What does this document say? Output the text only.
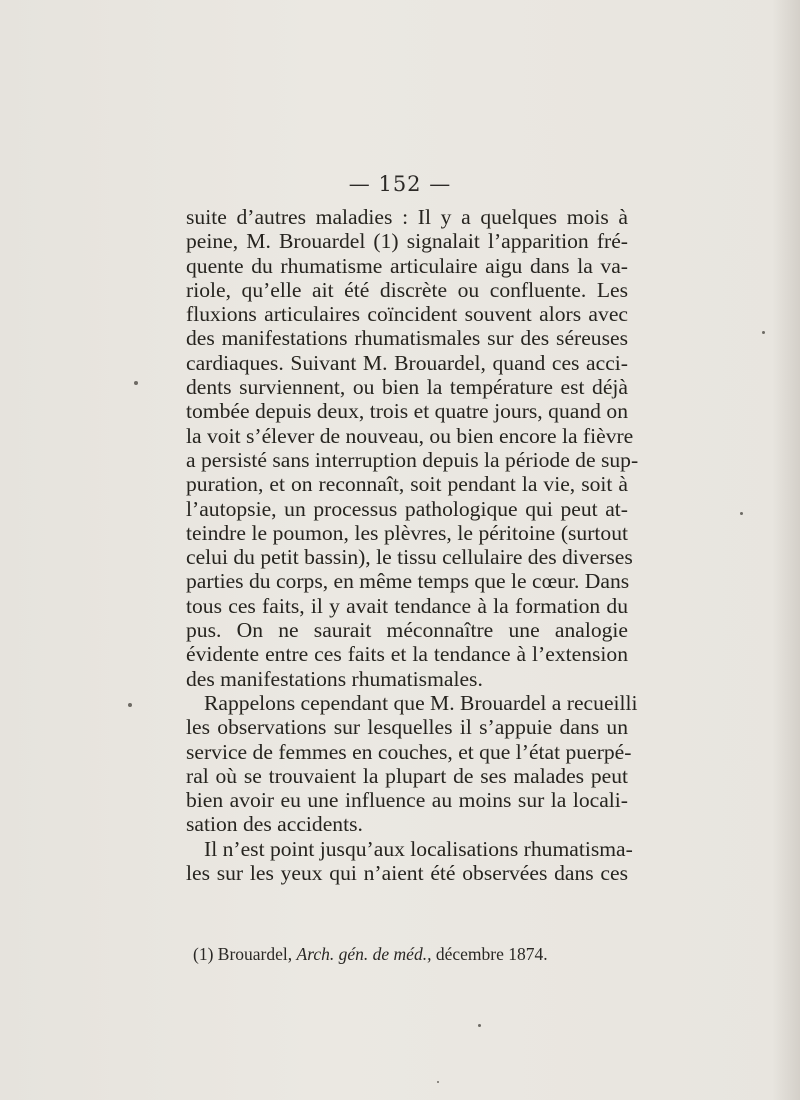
— 152 —
suite d’autres maladies : Il y a quelques mois à
peine, M. Brouardel (1) signalait l’apparition fré-
quente du rhumatisme articulaire aigu dans la va-
riole, qu’elle ait été discrète ou confluente. Les
fluxions articulaires coïncident souvent alors avec
des manifestations rhumatismales sur des séreuses
cardiaques. Suivant M. Brouardel, quand ces acci-
dents surviennent, ou bien la température est déjà
tombée depuis deux, trois et quatre jours, quand on
la voit s’élever de nouveau, ou bien encore la fièvre
a persisté sans interruption depuis la période de sup-
puration, et on reconnaît, soit pendant la vie, soit à
l’autopsie, un processus pathologique qui peut at-
teindre le poumon, les plèvres, le péritoine (surtout
celui du petit bassin), le tissu cellulaire des diverses
parties du corps, en même temps que le cœur. Dans
tous ces faits, il y avait tendance à la formation du
pus. On ne saurait méconnaître une analogie
évidente entre ces faits et la tendance à l’extension
des manifestations rhumatismales.
Rappelons cependant que M. Brouardel a recueilli
les observations sur lesquelles il s’appuie dans un
service de femmes en couches, et que l’état puerpé-
ral où se trouvaient la plupart de ses malades peut
bien avoir eu une influence au moins sur la locali-
sation des accidents.
Il n’est point jusqu’aux localisations rhumatisma-
les sur les yeux qui n’aient été observées dans ces
(1) Brouardel, Arch. gén. de méd., décembre 1874.
